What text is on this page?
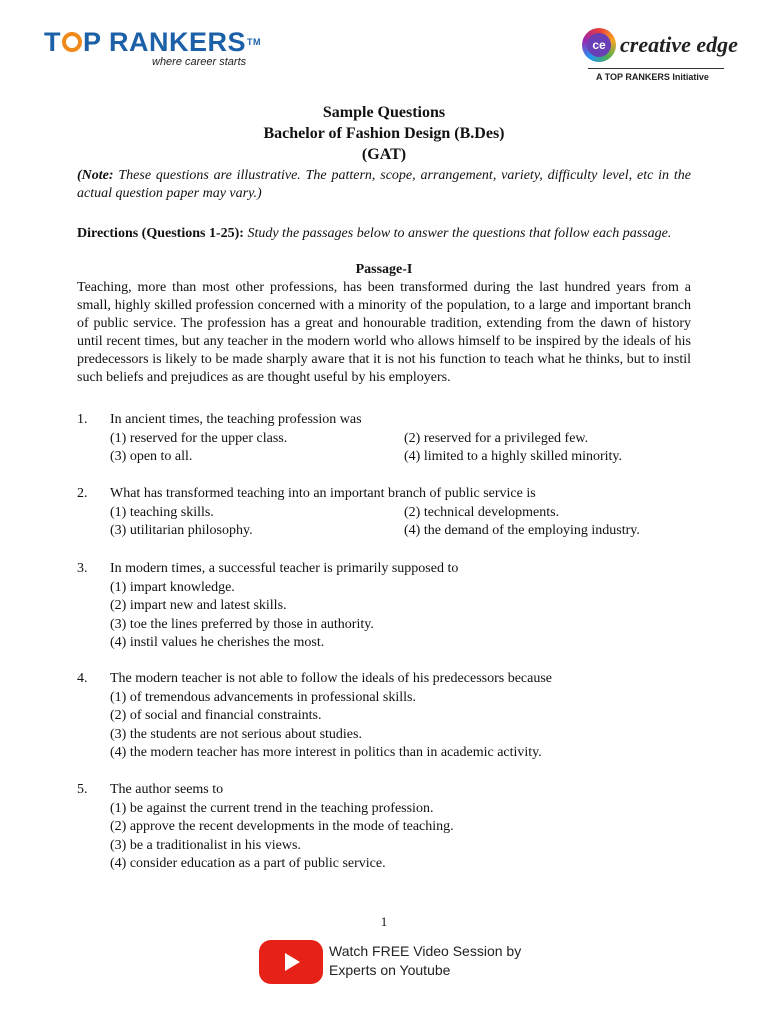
T P RANKERS TM
where career starts
ce creative edge
A TOP RANKERS Initiative
Sample Questions
Bachelor of Fashion Design (B.Des)
(GAT)
(Note: These questions are illustrative. The pattern, scope, arrangement, variety, difficulty level, etc in the actual question paper may vary.)
Directions (Questions 1-25): Study the passages below to answer the questions that follow each passage.
Passage-I
Teaching, more than most other professions, has been transformed during the last hundred years from a small, highly skilled profession concerned with a minority of the population, to a large and important branch of public service. The profession has a great and honourable tradition, extending from the dawn of history until recent times, but any teacher in the modern world who allows himself to be inspired by the ideals of his predecessors is likely to be made sharply aware that it is not his function to teach what he thinks, but to instil such beliefs and prejudices as are thought useful by his employers.
1. In ancient times, the teaching profession was
(1) reserved for the upper class.	(2) reserved for a privileged few.
(3) open to all.	(4) limited to a highly skilled minority.
2. What has transformed teaching into an important branch of public service is
(1) teaching skills.	(2) technical developments.
(3) utilitarian philosophy.	(4) the demand of the employing industry.
3. In modern times, a successful teacher is primarily supposed to
(1) impart knowledge.
(2) impart new and latest skills.
(3) toe the lines preferred by those in authority.
(4) instil values he cherishes the most.
4. The modern teacher is not able to follow the ideals of his predecessors because
(1) of tremendous advancements in professional skills.
(2) of social and financial constraints.
(3) the students are not serious about studies.
(4) the modern teacher has more interest in politics than in academic activity.
5. The author seems to
(1) be against the current trend in the teaching profession.
(2) approve the recent developments in the mode of teaching.
(3) be a traditionalist in his views.
(4) consider education as a part of public service.
1
Watch FREE Video Session by
Experts on Youtube
